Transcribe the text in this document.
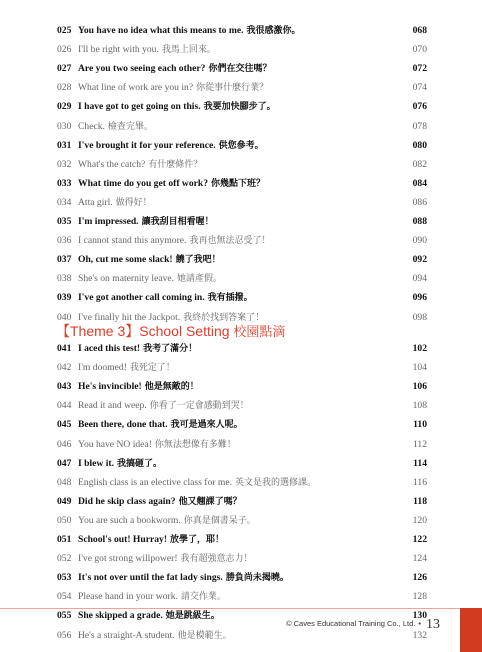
025 You have no idea what this means to me. 我很感激你。	068
026 I'll be right with you. 我馬上回來。	070
027 Are you two seeing each other? 你們在交往嗎？	072
028 What line of work are you in? 你從事什麼行業？	074
029 I have got to get going on this. 我要加快腳步了。	076
030 Check. 檢查完畢。	078
031 I've brought it for your reference. 供您參考。	080
032 What's the catch? 有什麼條件？	082
033 What time do you get off work? 你幾點下班？	084
034 Atta girl. 做得好！	086
035 I'm impressed. 讓我刮目相看喔！	088
036 I cannot stand this anymore. 我再也無法忍受了！	090
037 Oh, cut me some slack! 饒了我吧！	092
038 She's on maternity leave. 她請產假。	094
039 I've got another call coming in. 我有插撥。	096
040 I've finally hit the Jackpot. 我終於找到答案了！	098
【Theme 3】School Setting 校園點滴
041 I aced this test! 我考了滿分！	102
042 I'm doomed! 我死定了！	104
043 He's invincible! 他是無敵的！	106
044 Read it and weep. 你看了一定會感動到哭！	108
045 Been there, done that. 我可是過來人呢。	110
046 You have NO idea! 你無法想像有多難！	112
047 I blew it. 我搞砸了。	114
048 English class is an elective class for me. 英文是我的選修課。	116
049 Did he skip class again? 他又翹課了嗎？	118
050 You are such a bookworm. 你真是個書呆子。	120
051 School's out! Hurray! 放學了，耶！	122
052 I've got strong willpower! 我有超強意志力！	124
053 It's not over until the fat lady sings. 勝負尚未揭曉。	126
054 Please hand in your work. 請交作業。	128
055 She skipped a grade. 她是跳級生。	130
056 He's a straight-A student. 他是模範生。	132
© Caves Educational Training Co., Ltd. • 13
